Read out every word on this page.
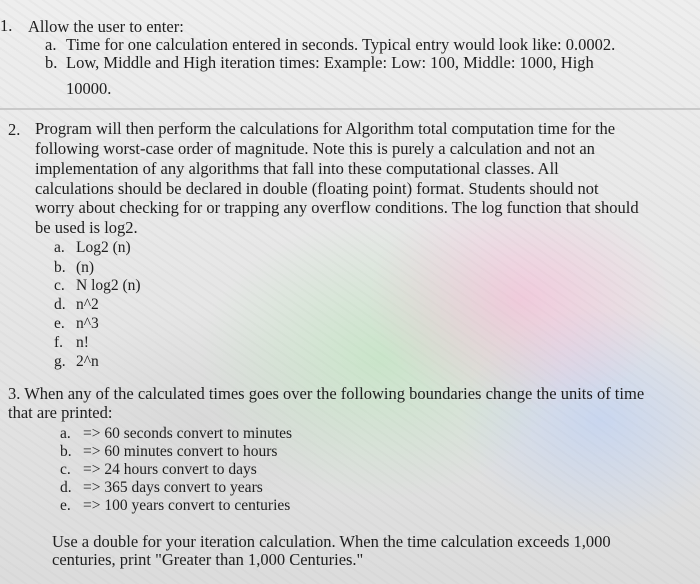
1. Allow the user to enter:
a. Time for one calculation entered in seconds. Typical entry would look like: 0.0002.
b. Low, Middle and High iteration times: Example: Low: 100, Middle: 1000, High
10000.
2. Program will then perform the calculations for Algorithm total computation time for the
following worst-case order of magnitude. Note this is purely a calculation and not an
implementation of any algorithms that fall into these computational classes. All
calculations should be declared in double (floating point) format. Students should not
worry about checking for or trapping any overflow conditions. The log function that should
be used is log2.
a. Log2 (n)
b. (n)
c. N log2 (n)
d. n^2
e. n^3
f. n!
g. 2^n
3. When any of the calculated times goes over the following boundaries change the units of time
that are printed:
a. => 60 seconds convert to minutes
b. => 60 minutes convert to hours
c. => 24 hours convert to days
d. => 365 days convert to years
e. => 100 years convert to centuries
Use a double for your iteration calculation. When the time calculation exceeds 1,000
centuries, print "Greater than 1,000 Centuries."
